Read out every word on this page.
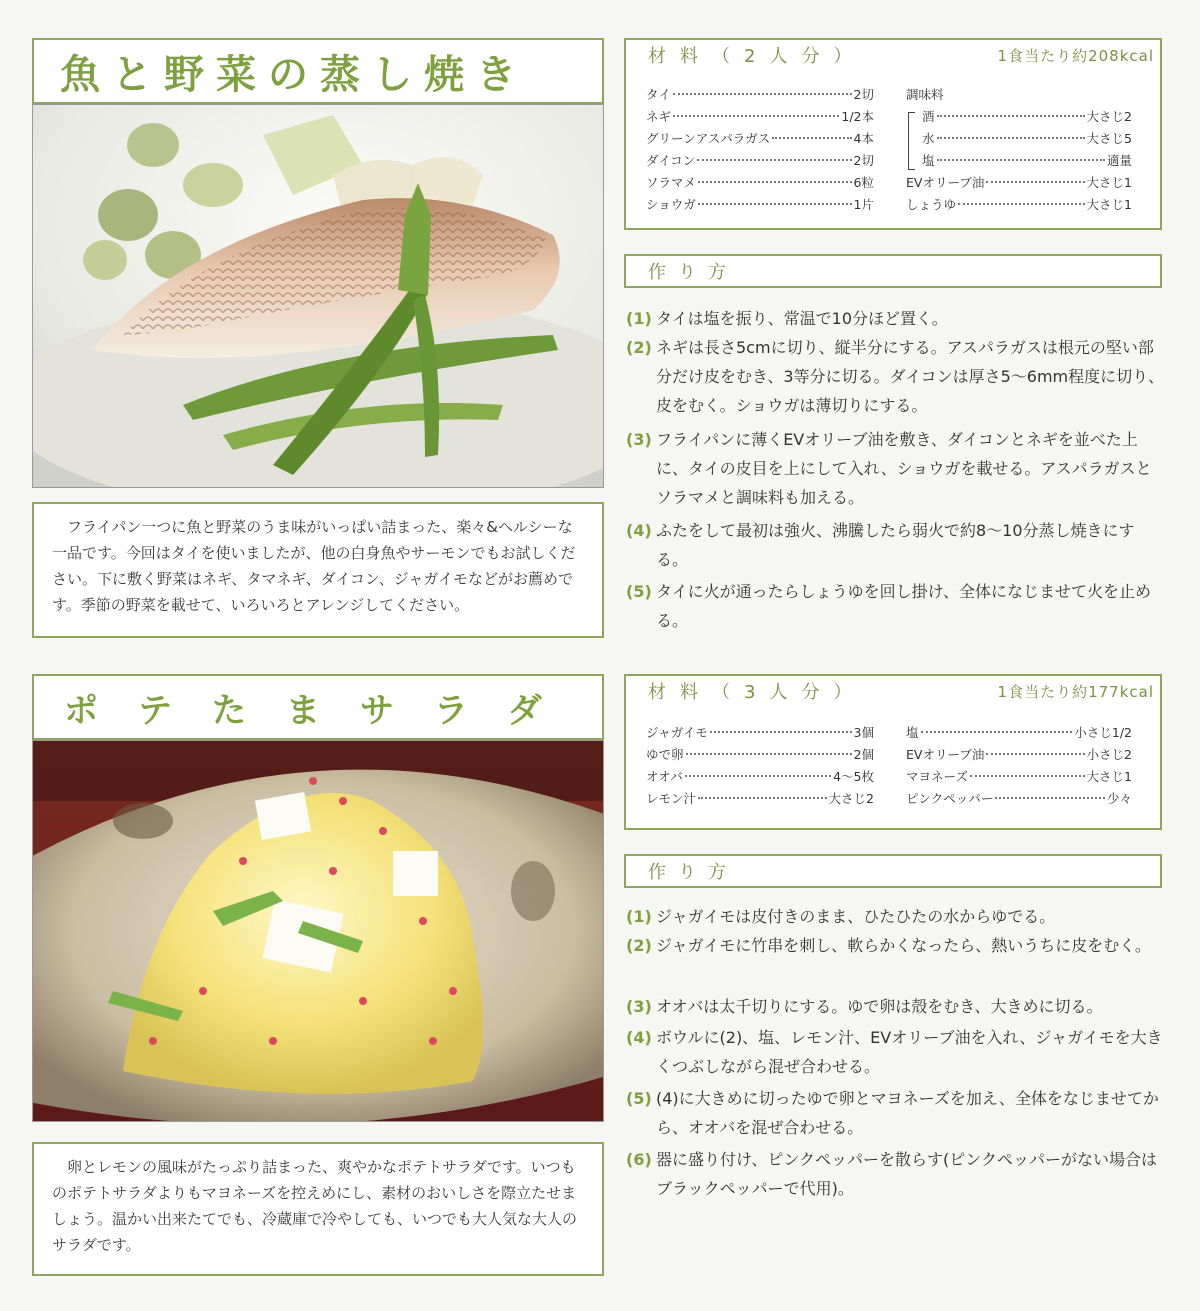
魚と野菜の蒸し焼き
フライパン一つに魚と野菜のうま味がいっぱい詰まった、楽々&ヘルシーな一品です。今回はタイを使いましたが、他の白身魚やサーモンでもお試しください。下に敷く野菜はネギ、タマネギ、ダイコン、ジャガイモなどがお薦めです。季節の野菜を載せて、いろいろとアレンジしてください。
材料（2人分）	1食当たり約208kcal
タイ	2切
ネギ	1/2本
グリーンアスパラガス	4本
ダイコン	2切
ソラマメ	6粒
ショウガ	1片
調味料
酒	大さじ2
水	大さじ5
塩	適量
EVオリーブ油	大さじ1
しょうゆ	大さじ1
作り方
(1) タイは塩を振り、常温で10分ほど置く。
(2) ネギは長さ5cmに切り、縦半分にする。アスパラガスは根元の堅い部分だけ皮をむき、3等分に切る。ダイコンは厚さ5〜6mm程度に切り、皮をむく。ショウガは薄切りにする。
(3) フライパンに薄くEVオリーブ油を敷き、ダイコンとネギを並べた上に、タイの皮目を上にして入れ、ショウガを載せる。アスパラガスとソラマメと調味料も加える。
(4) ふたをして最初は強火、沸騰したら弱火で約8〜10分蒸し焼きにする。
(5) タイに火が通ったらしょうゆを回し掛け、全体になじませて火を止める。
ポテたまサラダ
卵とレモンの風味がたっぷり詰まった、爽やかなポテトサラダです。いつものポテトサラダよりもマヨネーズを控えめにし、素材のおいしさを際立たせましょう。温かい出来たてでも、冷蔵庫で冷やしても、いつでも大人気な大人のサラダです。
材料（3人分）	1食当たり約177kcal
ジャガイモ	3個
ゆで卵	2個
オオバ	4〜5枚
レモン汁	大さじ2
塩	小さじ1/2
EVオリーブ油	小さじ2
マヨネーズ	大さじ1
ピンクペッパー	少々
作り方
(1) ジャガイモは皮付きのまま、ひたひたの水からゆでる。
(2) ジャガイモに竹串を刺し、軟らかくなったら、熱いうちに皮をむく。
(3) オオバは太千切りにする。ゆで卵は殻をむき、大きめに切る。
(4) ボウルに(2)、塩、レモン汁、EVオリーブ油を入れ、ジャガイモを大きくつぶしながら混ぜ合わせる。
(5) (4)に大きめに切ったゆで卵とマヨネーズを加え、全体をなじませてから、オオバを混ぜ合わせる。
(6) 器に盛り付け、ピンクペッパーを散らす(ピンクペッパーがない場合はブラックペッパーで代用)。
